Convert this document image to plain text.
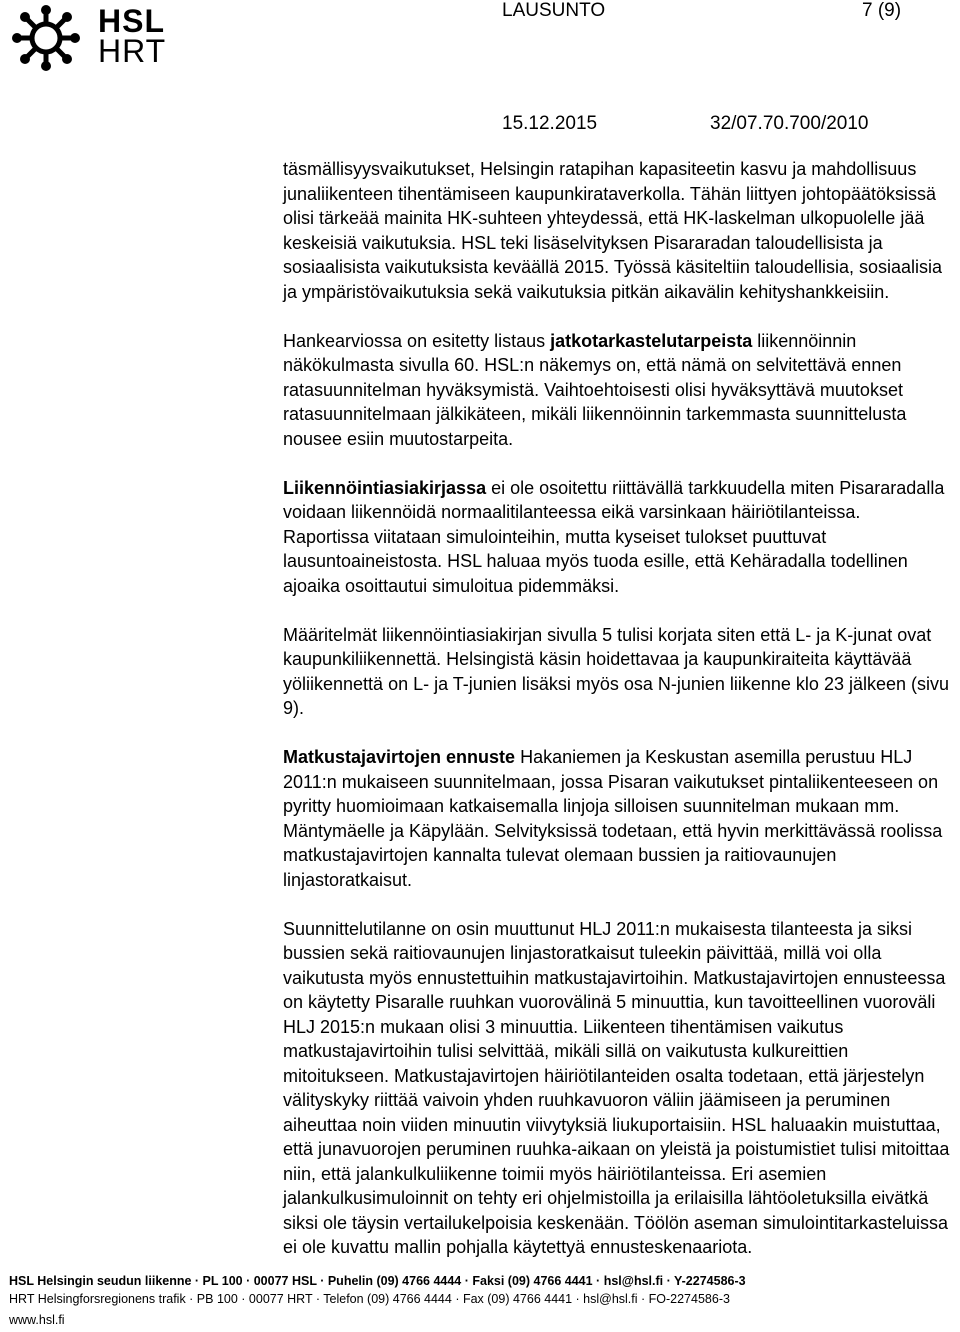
HSL
HRT
LAUSUNTO	7 (9)
15.12.2015	32/07.70.700/2010

täsmällisyysvaikutukset, Helsingin ratapihan kapasiteetin kasvu ja mahdollisuus junaliikenteen tihentämiseen kaupunkirataverkolla. Tähän liittyen johtopäätöksissä olisi tärkeää mainita HK-suhteen yhteydessä, että HK-laskelman ulkopuolelle jää keskeisiä vaikutuksia. HSL teki lisäselvityksen Pisararadan taloudellisista ja sosiaalisista vaikutuksista keväällä 2015. Työssä käsiteltiin taloudellisia, sosiaalisia ja ympäristövaikutuksia sekä vaikutuksia pitkän aikavälin kehityshankkeisiin.

Hankearviossa on esitetty listaus jatkotarkastelutarpeista liikennöinnin näkökulmasta sivulla 60. HSL:n näkemys on, että nämä on selvitettävä ennen ratasuunnitelman hyväksymistä. Vaihtoehtoisesti olisi hyväksyttävä muutokset ratasuunnitelmaan jälkikäteen, mikäli liikennöinnin tarkemmasta suunnittelusta nousee esiin muutostarpeita.

Liikennöintiasiakirjassa ei ole osoitettu riittävällä tarkkuudella miten Pisararadalla voidaan liikennöidä normaalitilanteessa eikä varsinkaan häiriötilanteissa. Raportissa viitataan simulointeihin, mutta kyseiset tulokset puuttuvat lausuntoaineistosta. HSL haluaa myös tuoda esille, että Kehäradalla todellinen ajoaika osoittautui simuloitua pidemmäksi.

Määritelmät liikennöintiasiakirjan sivulla 5 tulisi korjata siten että L- ja K-junat ovat kaupunkiliikennettä. Helsingistä käsin hoidettavaa ja kaupunkiraiteita käyttävää yöliikennettä on L- ja T-junien lisäksi myös osa N-junien liikenne klo 23 jälkeen (sivu 9).

Matkustajavirtojen ennuste Hakaniemen ja Keskustan asemilla perustuu HLJ 2011:n mukaiseen suunnitelmaan, jossa Pisaran vaikutukset pintaliikenteeseen on pyritty huomioimaan katkaisemalla linjoja silloisen suunnitelman mukaan mm. Mäntymäelle ja Käpylään. Selvityksissä todetaan, että hyvin merkittävässä roolissa matkustajavirtojen kannalta tulevat olemaan bussien ja raitiovaunujen linjastoratkaisut.

Suunnittelutilanne on osin muuttunut HLJ 2011:n mukaisesta tilanteesta ja siksi bussien sekä raitiovaunujen linjastoratkaisut tuleekin päivittää, millä voi olla vaikutusta myös ennustettuihin matkustajavirtoihin. Matkustajavirtojen ennusteessa on käytetty Pisaralle ruuhkan vuorovälinä 5 minuuttia, kun tavoitteellinen vuoroväli HLJ 2015:n mukaan olisi 3 minuuttia. Liikenteen tihentämisen vaikutus matkustajavirtoihin tulisi selvittää, mikäli sillä on vaikutusta kulkureittien mitoitukseen. Matkustajavirtojen häiriötilanteiden osalta todetaan, että järjestelyn välityskyky riittää vaivoin yhden ruuhkavuoron väliin jäämiseen ja peruminen aiheuttaa noin viiden minuutin viivytyksiä liukuportaisiin. HSL haluaakin muistuttaa, että junavuorojen peruminen ruuhka-aikaan on yleistä ja poistumistiet tulisi mitoittaa niin, että jalankulkuliikenne toimii myös häiriötilanteissa. Eri asemien jalankulkusimuloinnit on tehty eri ohjelmistoilla ja erilaisilla lähtöoletuksilla eivätkä siksi ole täysin vertailukelpoisia keskenään. Töölön aseman simulointitarkasteluissa ei ole kuvattu mallin pohjalla käytettyä ennusteskenaariota.

HSL Helsingin seudun liikenne · PL 100 · 00077 HSL · Puhelin (09) 4766 4444 · Faksi (09) 4766 4441 · hsl@hsl.fi · Y-2274586-3
HRT Helsingforsregionens trafik · PB 100 · 00077 HRT · Telefon (09) 4766 4444 · Fax (09) 4766 4441 · hsl@hsl.fi · FO-2274586-3
www.hsl.fi
